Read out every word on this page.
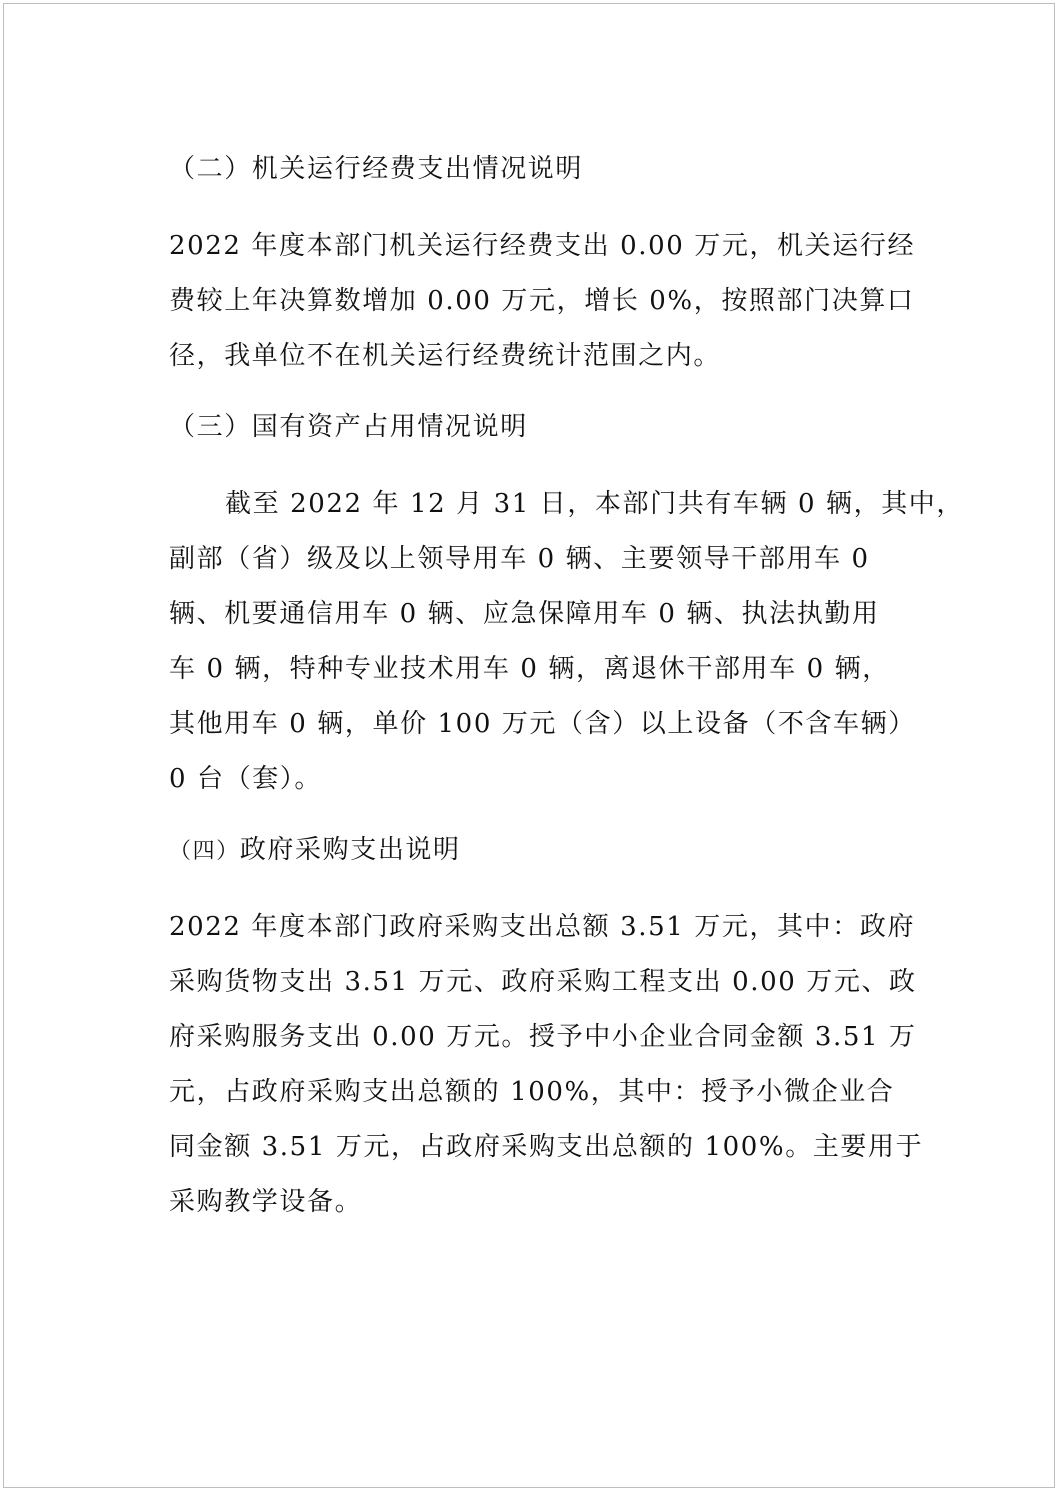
（二）机关运行经费支出情况说明
2022 年度本部门机关运行经费支出 0.00 万元，机关运行经
费较上年决算数增加 0.00 万元，增长 0%，按照部门决算口
径，我单位不在机关运行经费统计范围之内。
（三）国有资产占用情况说明
截至 2022 年 12 月 31 日，本部门共有车辆 0 辆，其中，
副部（省）级及以上领导用车 0 辆、主要领导干部用车 0
辆、机要通信用车 0 辆、应急保障用车 0 辆、执法执勤用
车 0 辆，特种专业技术用车 0 辆，离退休干部用车 0 辆，
其他用车 0 辆，单价 100 万元（含）以上设备（不含车辆）
0 台（套）。
（四）政府采购支出说明
2022 年度本部门政府采购支出总额 3.51 万元，其中：政府
采购货物支出 3.51 万元、政府采购工程支出 0.00 万元、政
府采购服务支出 0.00 万元。授予中小企业合同金额 3.51 万
元，占政府采购支出总额的 100%，其中：授予小微企业合
同金额 3.51 万元，占政府采购支出总额的 100%。主要用于
采购教学设备。
